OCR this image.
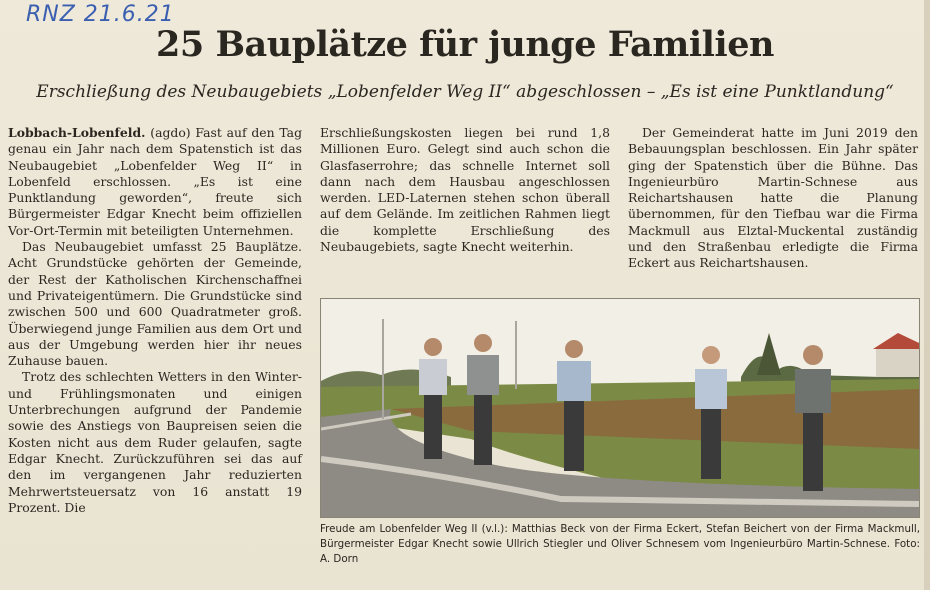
RNZ 21.6.21
25 Bauplätze für junge Familien
Erschließung des Neubaugebiets „Lobenfelder Weg II“ abgeschlossen – „Es ist eine Punktlandung“

Lobbach-Lobenfeld. (agdo) Fast auf den Tag genau ein Jahr nach dem Spatenstich ist das Neubaugebiet „Lobenfelder Weg II“ in Lobenfeld erschlossen. „Es ist eine Punktlandung geworden“, freute sich Bürgermeister Edgar Knecht beim offiziellen Vor-Ort-Termin mit beteiligten Unternehmen.

Das Neubaugebiet umfasst 25 Bauplätze. Acht Grundstücke gehörten der Gemeinde, der Rest der Katholischen Kirchenschaffnei und Privateigentümern. Die Grundstücke sind zwischen 500 und 600 Quadratmeter groß. Überwiegend junge Familien aus dem Ort und aus der Umgebung werden hier ihr neues Zuhause bauen.

Trotz des schlechten Wetters in den Winter- und Frühlingsmonaten und einigen Unterbrechungen aufgrund der Pandemie sowie des Anstiegs von Baupreisen seien die Kosten nicht aus dem Ruder gelaufen, sagte Edgar Knecht. Zurückzuführen sei das auf den im vergangenen Jahr reduzierten Mehrwertsteuersatz von 16 anstatt 19 Prozent. Die

Erschließungskosten liegen bei rund 1,8 Millionen Euro. Gelegt sind auch schon die Glasfaserrohre; das schnelle Internet soll dann nach dem Hausbau angeschlossen werden. LED-Laternen stehen schon überall auf dem Gelände. Im zeitlichen Rahmen liegt die komplette Erschließung des Neubaugebiets, sagte Knecht weiterhin.

Der Gemeinderat hatte im Juni 2019 den Bebauungsplan beschlossen. Ein Jahr später ging der Spatenstich über die Bühne. Das Ingenieurbüro Martin-Schnese aus Reichartshausen hatte die Planung übernommen, für den Tiefbau war die Firma Mackmull aus Elztal-Muckental zuständig und den Straßenbau erledigte die Firma Eckert aus Reichartshausen.

Freude am Lobenfelder Weg II (v.l.): Matthias Beck von der Firma Eckert, Stefan Beichert von der Firma Mackmull, Bürgermeister Edgar Knecht sowie Ullrich Stiegler und Oliver Schnesem vom Ingenieurbüro Martin-Schnese. Foto: A. Dorn
